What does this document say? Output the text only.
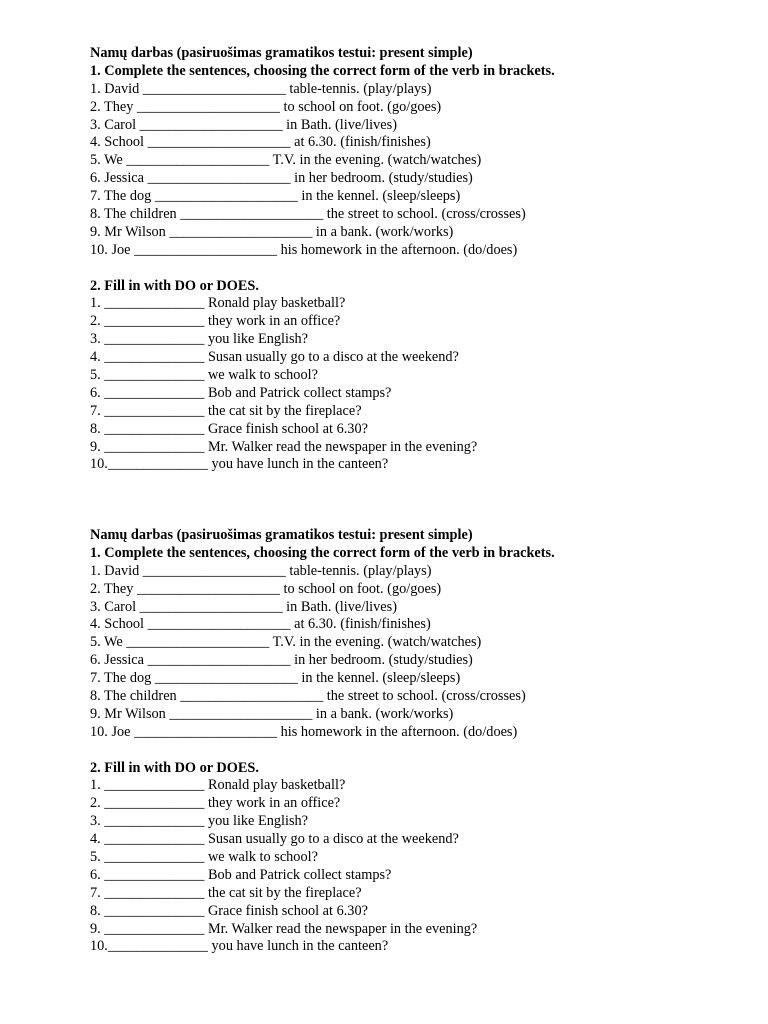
Namų darbas (pasiruošimas gramatikos testui: present simple)
1. Complete the sentences, choosing the correct form of the verb in brackets.
1. David ____________________ table-tennis. (play/plays)
2. They ____________________ to school on foot. (go/goes)
3. Carol ____________________ in Bath. (live/lives)
4. School ____________________ at 6.30. (finish/finishes)
5. We ____________________ T.V. in the evening. (watch/watches)
6. Jessica ____________________ in her bedroom. (study/studies)
7. The dog ____________________ in the kennel. (sleep/sleeps)
8. The children ____________________ the street to school. (cross/crosses)
9. Mr Wilson ____________________ in a bank. (work/works)
10. Joe ____________________ his homework in the afternoon. (do/does)
2. Fill in with DO or DOES.
1. ______________ Ronald play basketball?
2. ______________ they work in an office?
3. ______________ you like English?
4. ______________ Susan usually go to a disco at the weekend?
5. ______________ we walk to school?
6. ______________ Bob and Patrick collect stamps?
7. ______________ the cat sit by the fireplace?
8. ______________ Grace finish school at 6.30?
9. ______________ Mr. Walker read the newspaper in the evening?
10.______________ you have lunch in the canteen?
Namų darbas (pasiruošimas gramatikos testui: present simple)
1. Complete the sentences, choosing the correct form of the verb in brackets.
1. David ____________________ table-tennis. (play/plays)
2. They ____________________ to school on foot. (go/goes)
3. Carol ____________________ in Bath. (live/lives)
4. School ____________________ at 6.30. (finish/finishes)
5. We ____________________ T.V. in the evening. (watch/watches)
6. Jessica ____________________ in her bedroom. (study/studies)
7. The dog ____________________ in the kennel. (sleep/sleeps)
8. The children ____________________ the street to school. (cross/crosses)
9. Mr Wilson ____________________ in a bank. (work/works)
10. Joe ____________________ his homework in the afternoon. (do/does)
2. Fill in with DO or DOES.
1. ______________ Ronald play basketball?
2. ______________ they work in an office?
3. ______________ you like English?
4. ______________ Susan usually go to a disco at the weekend?
5. ______________ we walk to school?
6. ______________ Bob and Patrick collect stamps?
7. ______________ the cat sit by the fireplace?
8. ______________ Grace finish school at 6.30?
9. ______________ Mr. Walker read the newspaper in the evening?
10.______________ you have lunch in the canteen?
